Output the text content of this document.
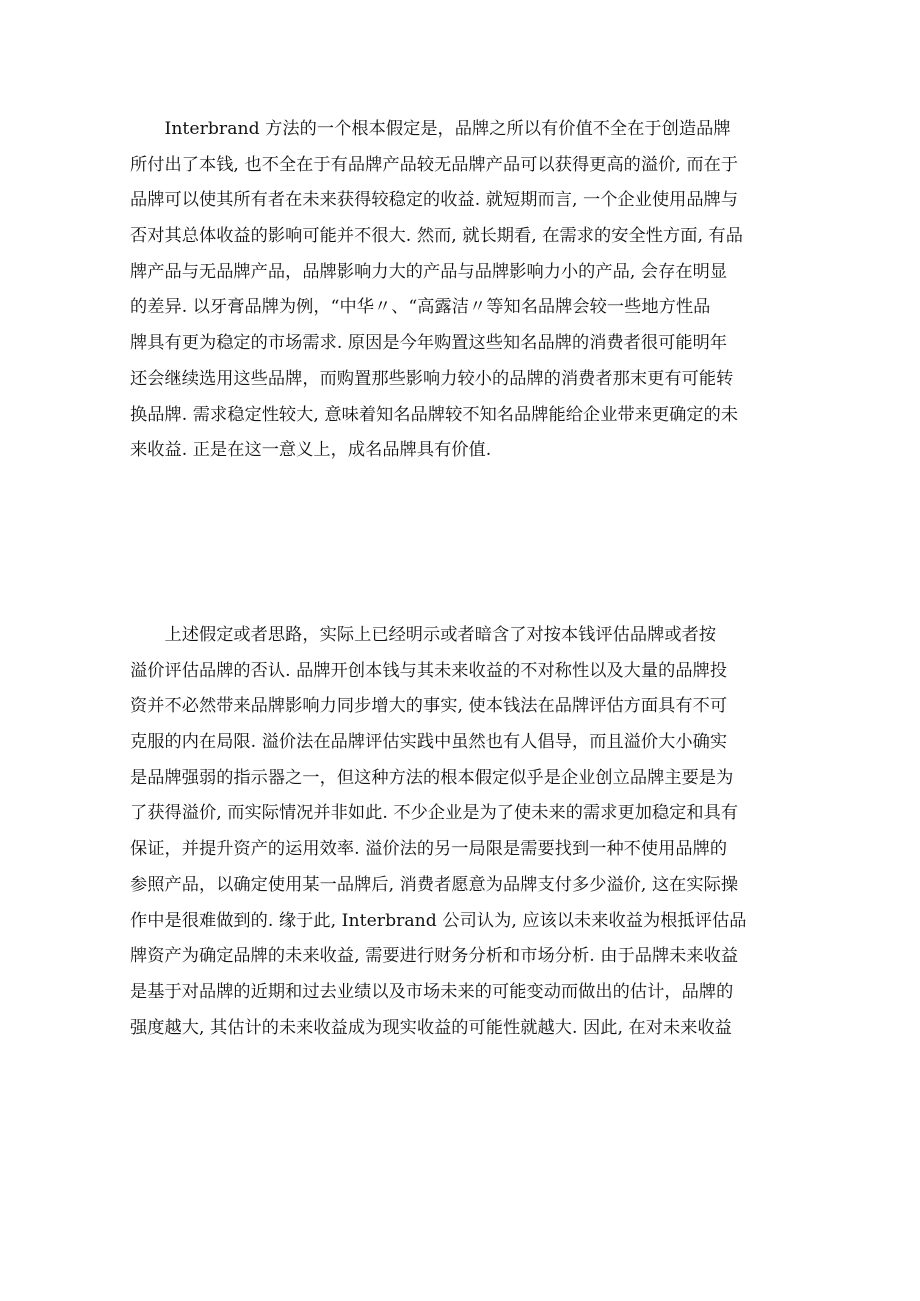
　　Interbrand 方法的一个根本假定是，品牌之所以有价值不全在于创造品牌
所付出了本钱, 也不全在于有品牌产品较无品牌产品可以获得更高的溢价, 而在于
品牌可以使其所有者在未来获得较稳定的收益. 就短期而言, 一个企业使用品牌与
否对其总体收益的影响可能并不很大. 然而, 就长期看, 在需求的安全性方面, 有品
牌产品与无品牌产品，品牌影响力大的产品与品牌影响力小的产品, 会存在明显
的差异. 以牙膏品牌为例，“中华〃、“高露洁〃等知名品牌会较一些地方性品
牌具有更为稳定的市场需求. 原因是今年购置这些知名品牌的消费者很可能明年
还会继续选用这些品牌，而购置那些影响力较小的品牌的消费者那末更有可能转
换品牌. 需求稳定性较大, 意味着知名品牌较不知名品牌能给企业带来更确定的未
来收益. 正是在这一意义上，成名品牌具有价值.
　　上述假定或者思路，实际上已经明示或者暗含了对按本钱评估品牌或者按
溢价评估品牌的否认. 品牌开创本钱与其未来收益的不对称性以及大量的品牌投
资并不必然带来品牌影响力同步增大的事实, 使本钱法在品牌评估方面具有不可
克服的内在局限. 溢价法在品牌评估实践中虽然也有人倡导，而且溢价大小确实
是品牌强弱的指示器之一，但这种方法的根本假定似乎是企业创立品牌主要是为
了获得溢价, 而实际情况并非如此. 不少企业是为了使未来的需求更加稳定和具有
保证，并提升资产的运用效率. 溢价法的另一局限是需要找到一种不使用品牌的
参照产品，以确定使用某一品牌后, 消费者愿意为品牌支付多少溢价, 这在实际操
作中是很难做到的. 缘于此, Interbrand 公司认为, 应该以未来收益为根抵评估品
牌资产为确定品牌的未来收益, 需要进行财务分析和市场分析. 由于品牌未来收益
是基于对品牌的近期和过去业绩以及市场未来的可能变动而做出的估计，品牌的
强度越大, 其估计的未来收益成为现实收益的可能性就越大. 因此, 在对未来收益
